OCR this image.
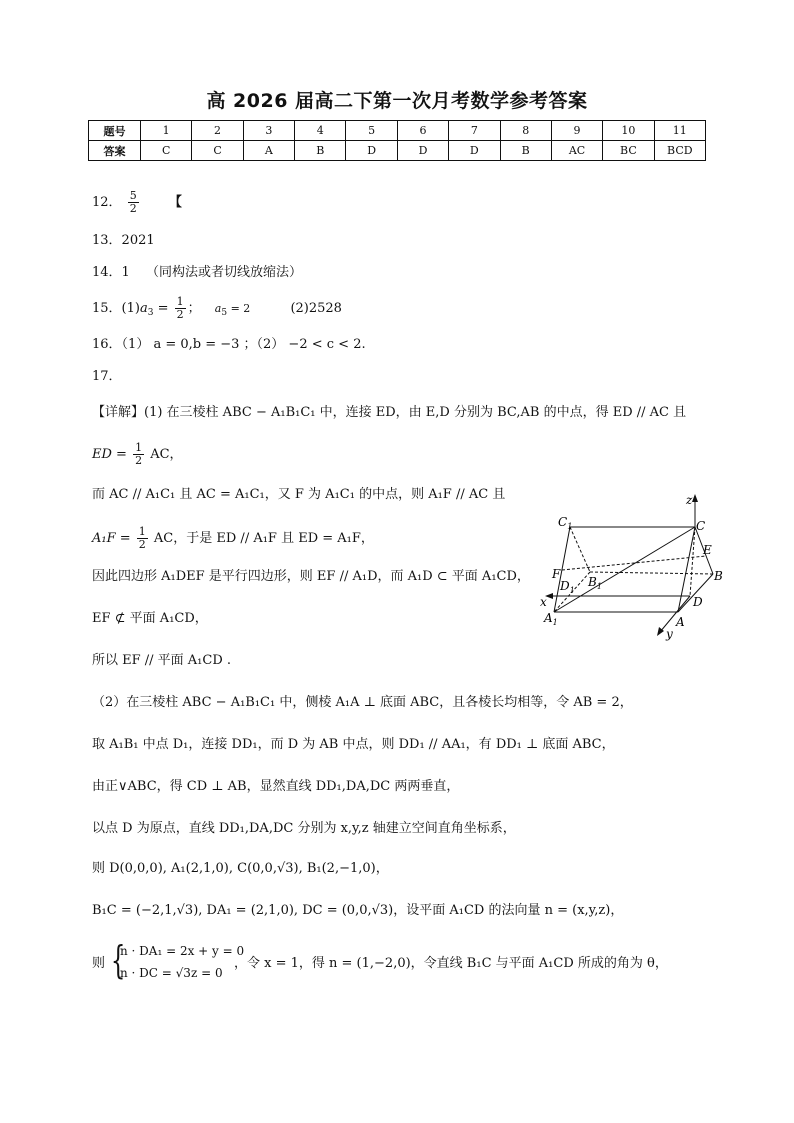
高 2026 届高二下第一次月考数学参考答案
题号	1	2	3	4	5	6	7	8	9	10	11
答案	C	C	A	B	D	D	D	B	AC	BC	BCD
12． $\frac{5}{2}$ 【
13．2021
14．1 （同构法或者切线放缩法）
15．$(1)a_3 = \frac{1}{2}$ ； $a_5 = 2$	(2)2528
16．（1） a = 0,b = −3 ；（2） −2 < c < 2.
17．
【详解】(1) 在三棱柱 ABC − A₁B₁C₁ 中，连接 ED，由 E,D 分别为 BC,AB 的中点，得 ED // AC 且
ED = $\frac{1}{2}$ AC，
而 AC // A₁C₁ 且 AC = A₁C₁，又 F 为 A₁C₁ 的中点，则 A₁F // AC 且
$A_1F = \frac{1}{2}$ AC，于是 ED // A₁F 且 ED = A₁F，
因此四边形 A₁DEF 是平行四边形，则 EF // A₁D，而 A₁D ⊂ 平面 A₁CD，
EF ⊄ 平面 A₁CD，
所以 EF // 平面 A₁CD .
（2）在三棱柱 ABC − A₁B₁C₁ 中，侧棱 A₁A ⊥ 底面 ABC，且各棱长均相等，令 AB = 2，
取 A₁B₁ 中点 D₁，连接 DD₁，而 D 为 AB 中点，则 DD₁ // AA₁，有 DD₁ ⊥ 底面 ABC，
由正∨ABC，得 CD ⊥ AB，显然直线 DD₁,DA,DC 两两垂直，
以点 D 为原点，直线 DD₁,DA,DC 分别为 x,y,z 轴建立空间直角坐标系，
则 D(0,0,0), A₁(2,1,0), C(0,0,√3), B₁(2,−1,0)，
B₁C = (−2,1,√3), DA₁ = (2,1,0), DC = (0,0,√3)，设平面 A₁CD 的法向量 n = (x,y,z)，
则 {
n · DA₁ = 2x + y = 0
n · DC = √3z = 0
，令 x = 1，得 n = (1,−2,0)，令直线 B₁C 与平面 A₁CD 所成的角为 θ，
z
x
y
$C_1$	C
E
F
$D_1$
$B_1$
B
D
$A_1$	A
